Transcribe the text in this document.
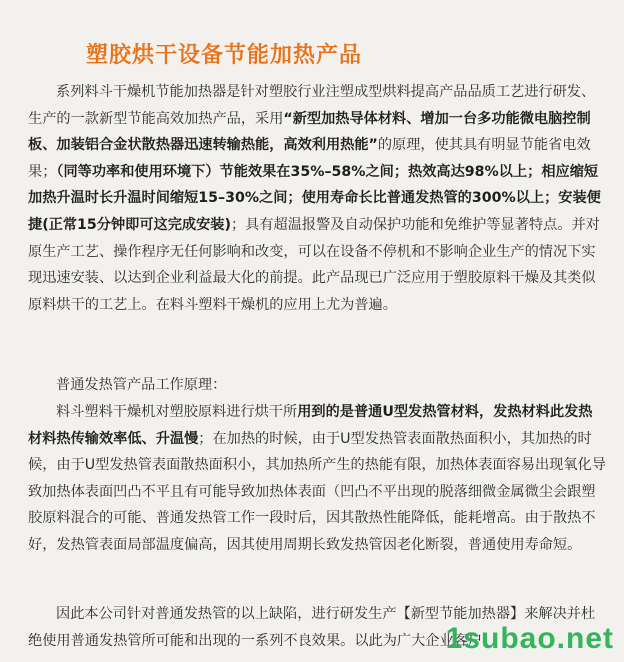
塑胶烘干设备节能加热产品

系列料斗干燥机节能加热器是针对塑胶行业注塑成型烘料提高产品品质工艺进行研发、生产的一款新型节能高效加热产品，采用“新型加热导体材料、增加一台多功能微电脑控制板、加装铝合金状散热器迅速转输热能，高效利用热能”的原理，使其具有明显节能省电效果；（同等功率和使用环境下）节能效果在35%–58%之间；热效高达98%以上；相应缩短加热升温时长升温时间缩短15–30%之间；使用寿命长比普通发热管的300%以上；安装便捷(正常15分钟即可这完成安装)；具有超温报警及自动保护功能和免维护等显著特点。并对原生产工艺、操作程序无任何影响和改变，可以在设备不停机和不影响企业生产的情况下实现迅速安装、以达到企业利益最大化的前提。此产品现已广泛应用于塑胶原料干燥及其类似原料烘干的工艺上。在料斗塑料干燥机的应用上尤为普遍。

普通发热管产品工作原理：

料斗塑料干燥机对塑胶原料进行烘干所用到的是普通U型发热管材料，发热材料此发热材料热传输效率低、升温慢；在加热的时候，由于U型发热管表面散热面积小，其加热的时候，由于U型发热管表面散热面积小，其加热所产生的热能有限，加热体表面容易出现氧化导致加热体表面凹凸不平且有可能导致加热体表面（凹凸不平出现的脱落细微金属微尘会跟塑胶原料混合的可能、普通发热管工作一段时后，因其散热性能降低，能耗增高。由于散热不好，发热管表面局部温度偏高，因其使用周期长致发热管因老化断裂，普通使用寿命短。

因此本公司针对普通发热管的以上缺陷，进行研发生产【新型节能加热器】来解决并杜绝使用普通发热管所可能和出现的一系列不良效果。以此为广大企业客户

1subao.net
